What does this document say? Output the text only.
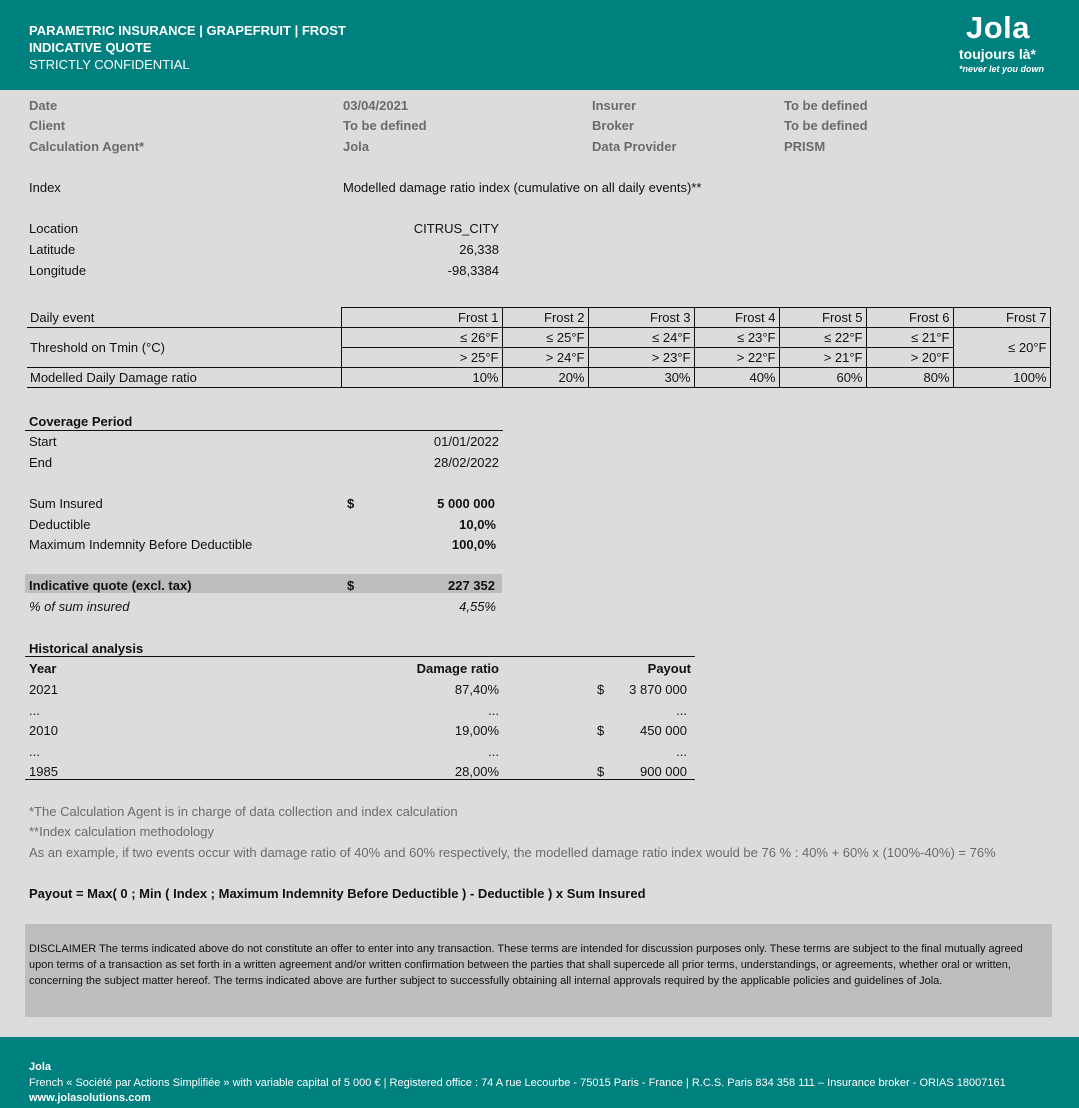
PARAMETRIC INSURANCE | GRAPEFRUIT | FROST
INDICATIVE QUOTE
STRICTLY CONFIDENTIAL
Jola
toujours là*
*never let you down
Date	03/04/2021	Insurer	To be defined
Client	To be defined	Broker	To be defined
Calculation Agent*	Jola	Data Provider	PRISM
Index	Modelled damage ratio index (cumulative on all daily events)**
Location	CITRUS_CITY
Latitude	26,338
Longitude	-98,3384
Daily event	Frost 1	Frost 2	Frost 3	Frost 4	Frost 5	Frost 6	Frost 7
Threshold on Tmin (°C)	≤ 26°F	≤ 25°F	≤ 24°F	≤ 23°F	≤ 22°F	≤ 21°F	≤ 20°F
	> 25°F	> 24°F	> 23°F	> 22°F	> 21°F	> 20°F	
Modelled Daily Damage ratio	10%	20%	30%	40%	60%	80%	100%
Coverage Period
Start	01/01/2022
End	28/02/2022
Sum Insured	$	5 000 000
Deductible	10,0%
Maximum Indemnity Before Deductible	100,0%
Indicative quote (excl. tax)	$	227 352
% of sum insured	4,55%
Historical analysis
Year	Damage ratio	Payout
2021	87,40%	$	3 870 000
...	...	...
2010	19,00%	$	450 000
...	...	...
1985	28,00%	$	900 000
*The Calculation Agent is in charge of data collection and index calculation
**Index calculation methodology
As an example, if two events occur with damage ratio of 40% and 60% respectively, the modelled damage ratio index would be 76 % : 40% + 60% x (100%-40%) = 76%
Payout = Max( 0 ; Min ( Index ; Maximum Indemnity Before Deductible ) - Deductible ) x Sum Insured
DISCLAIMER The terms indicated above do not constitute an offer to enter into any transaction. These terms are intended for discussion purposes only. These terms are subject to the final mutually agreed upon terms of a transaction as set forth in a written agreement and/or written confirmation between the parties that shall supercede all prior terms, understandings, or agreements, whether oral or written, concerning the subject matter hereof. The terms indicated above are further subject to successfully obtaining all internal approvals required by the applicable policies and guidelines of Jola.
Jola
French « Société par Actions Simplifiée » with variable capital of 5 000 € | Registered office : 74 A rue Lecourbe - 75015 Paris - France | R.C.S. Paris 834 358 111 – Insurance broker - ORIAS 18007161
www.jolasolutions.com
